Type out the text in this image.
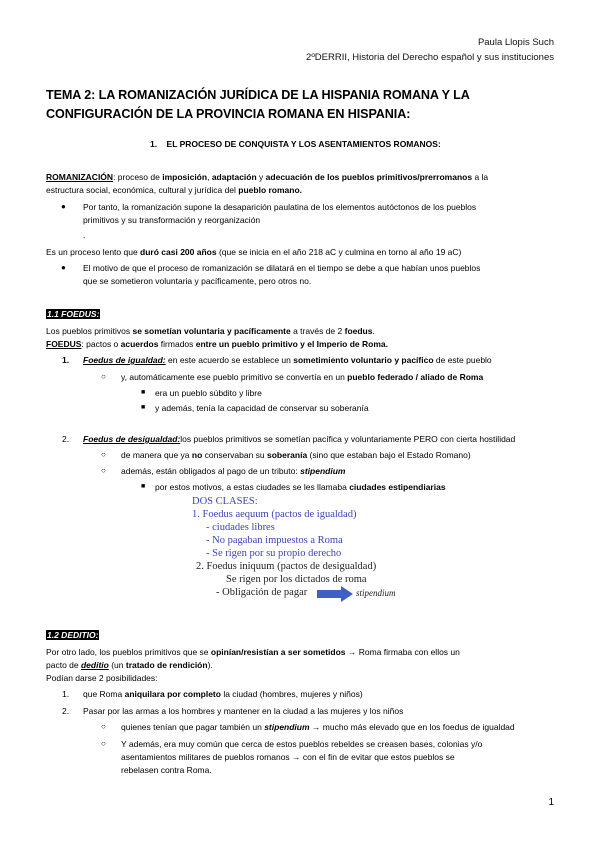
Paula Llopis Such
2ºDERRII, Historia del Derecho español y sus instituciones
TEMA 2: LA ROMANIZACIÓN JURÍDICA DE LA HISPANIA ROMANA Y LA CONFIGURACIÓN DE LA PROVINCIA ROMANA EN HISPANIA:
1. EL PROCESO DE CONQUISTA Y LOS ASENTAMIENTOS ROMANOS:
ROMANIZACIÓN: proceso de imposición, adaptación y adecuación de los pueblos primitivos/prerromanos a la
estructura social, económica, cultural y jurídica del pueblo romano.
● Por tanto, la romanización supone la desaparición paulatina de los elementos autóctonos de los pueblos
primitivos y su transformación y reorganización
.
Es un proceso lento que duró casi 200 años (que se inicia en el año 218 aC y culmina en torno al año 19 aC)
● El motivo de que el proceso de romanización se dilatará en el tiempo se debe a que habían unos pueblos
que se sometieron voluntaria y pacíficamente, pero otros no.
1.1 FOEDUS:
Los pueblos primitivos se sometían voluntaria y pacíficamente a través de 2 foedus.
FOEDUS: pactos o acuerdos firmados entre un pueblo primitivo y el Imperio de Roma.
1. Foedus de igualdad: en este acuerdo se establece un sometimiento voluntario y pacífico de este pueblo
○ y, automáticamente ese pueblo primitivo se convertía en un pueblo federado / aliado de Roma
■ era un pueblo súbdito y libre
■ y además, tenía la capacidad de conservar su soberanía
2. Foedus de desigualdad:los pueblos primitivos se sometían pacífica y voluntariamente PERO con cierta hostilidad
○ de manera que ya no conservaban su soberanía (sino que estaban bajo el Estado Romano)
○ además, están obligados al pago de un tributo: stipendium
■ por estos motivos, a estas ciudades se les llamaba ciudades estipendiarias
DOS CLASES:
1. Foedus aequum (pactos de igualdad)
- ciudades libres
- No pagaban impuestos a Roma
- Se rigen por su propio derecho
2. Foedus iniquum (pactos de desigualdad)
Se rigen por los dictados de roma
- Obligación de pagar	stipendium
1.2 DEDITIO:
Por otro lado, los pueblos primitivos que se opinían/resistían a ser sometidos → Roma firmaba con ellos un
pacto de deditio (un tratado de rendición).
Podían darse 2 posibilidades:
1. que Roma aniquilara por completo la ciudad (hombres, mujeres y niños)
2. Pasar por las armas a los hombres y mantener en la ciudad a las mujeres y los niños
○ quienes tenían que pagar también un stipendium → mucho más elevado que en los foedus de igualdad
○ Y además, era muy común que cerca de estos pueblos rebeldes se creasen bases, colonias y/o
asentamientos militares de pueblos romanos → con el fin de evitar que estos pueblos se
rebelasen contra Roma.
1
